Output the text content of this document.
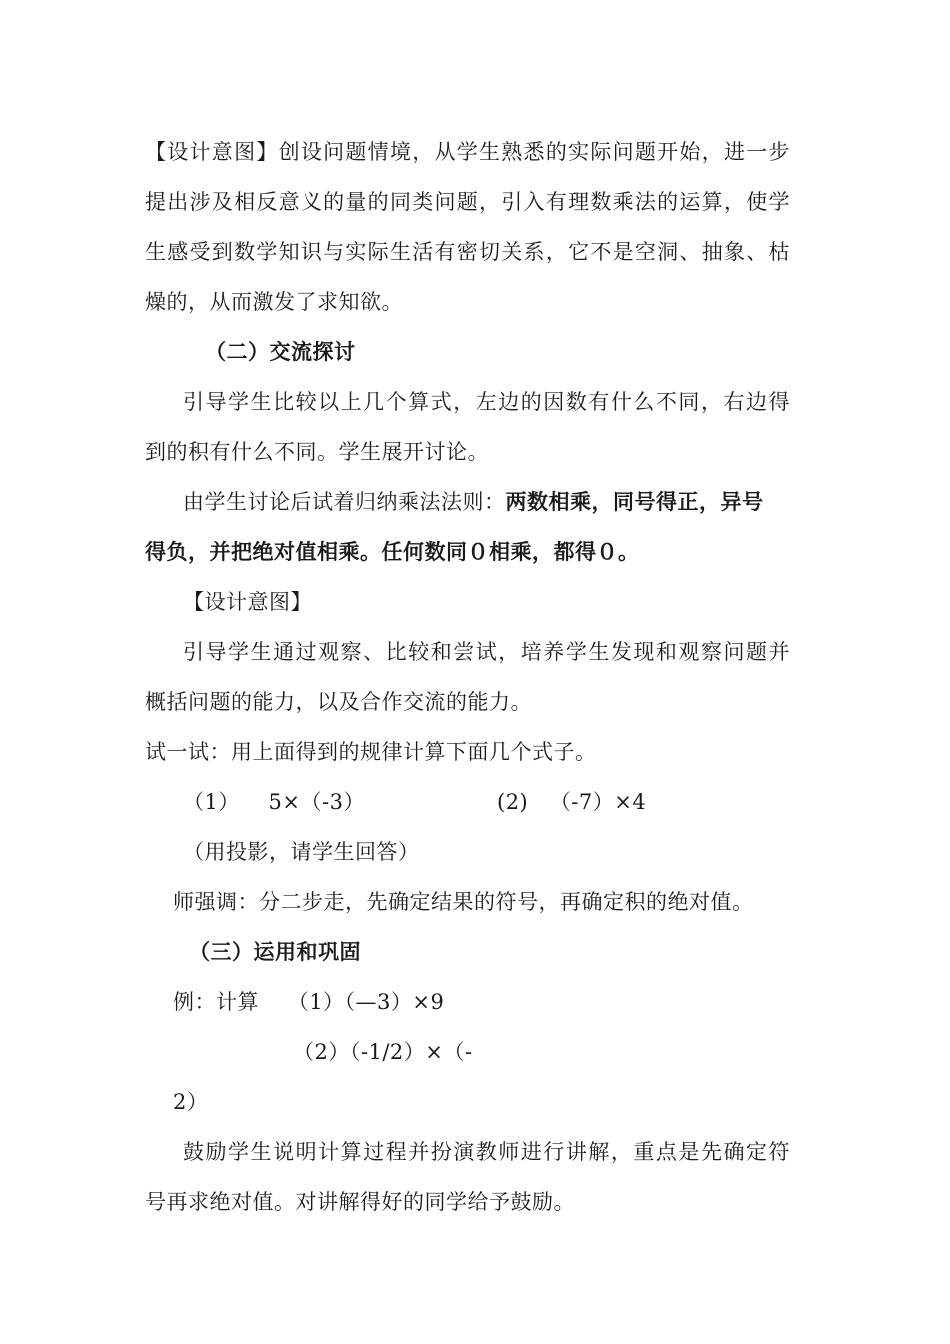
【设计意图】创设问题情境，从学生熟悉的实际问题开始，进一步
提出涉及相反意义的量的同类问题，引入有理数乘法的运算，使学
生感受到数学知识与实际生活有密切关系，它不是空洞、抽象、枯
燥的，从而激发了求知欲。
（二）交流探讨
引导学生比较以上几个算式，左边的因数有什么不同，右边得
到的积有什么不同。学生展开讨论。
由学生讨论后试着归纳乘法法则：两数相乘，同号得正，异号
得负，并把绝对值相乘。任何数同０相乘，都得０。
【设计意图】
引导学生通过观察、比较和尝试，培养学生发现和观察问题并
概括问题的能力，以及合作交流的能力。
试一试：用上面得到的规律计算下面几个式子。
（1）    5×（-3）	(2)   （-7）×4
（用投影，请学生回答）
师强调：分二步走，先确定结果的符号，再确定积的绝对值。
（三）运用和巩固
例：计算    （1）（—3）×9
（2）（-1/2）×（-
2）
鼓励学生说明计算过程并扮演教师进行讲解，重点是先确定符
号再求绝对值。对讲解得好的同学给予鼓励。
